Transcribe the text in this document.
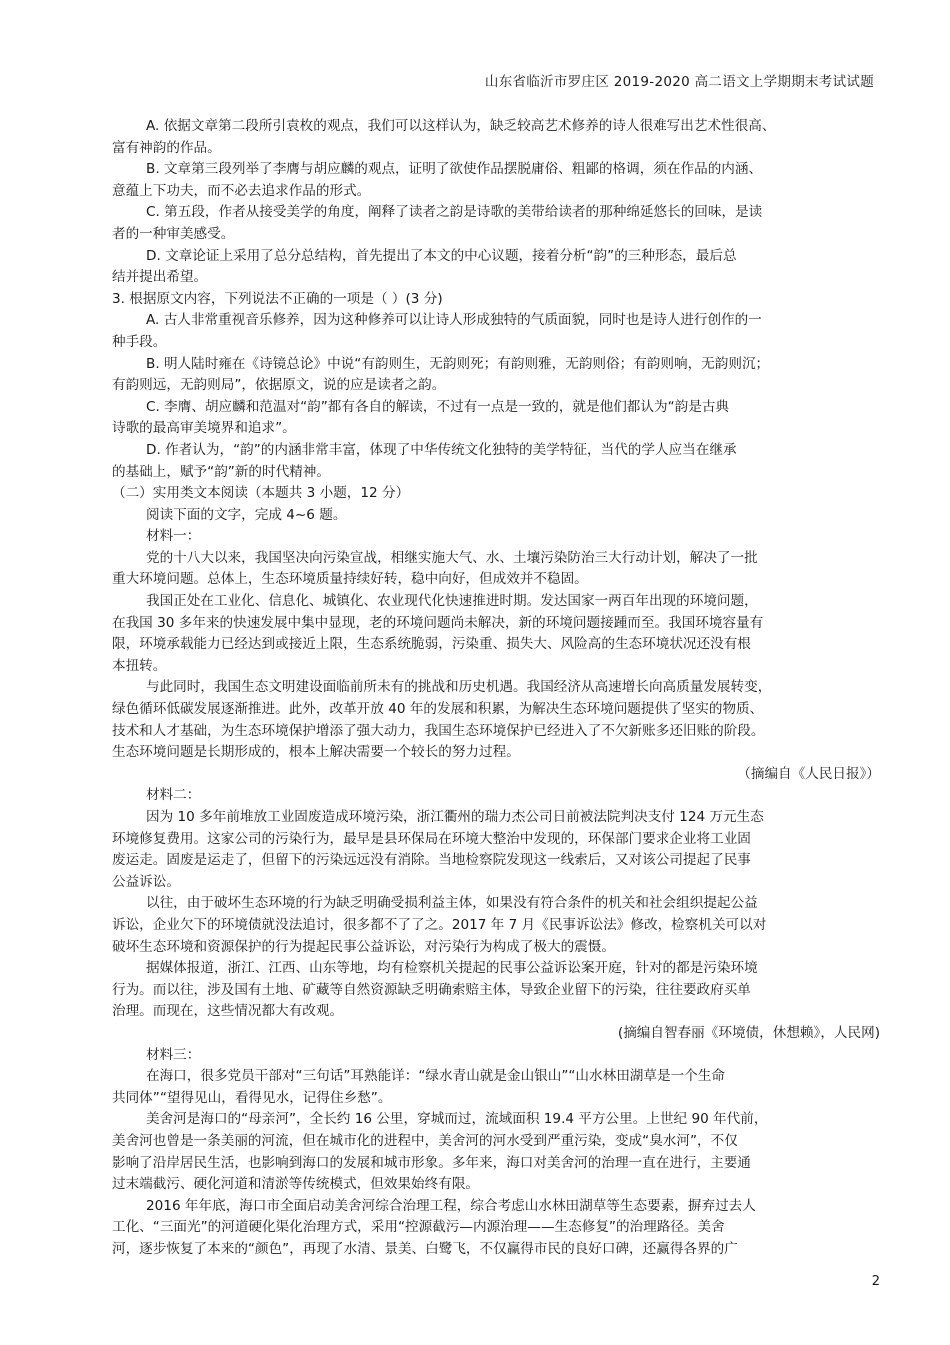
山东省临沂市罗庄区 2019-2020 高二语文上学期期末考试试题

A. 依据文章第二段所引袁枚的观点，我们可以这样认为，缺乏较高艺术修养的诗人很难写出艺术性很高、

富有神韵的作品。

B. 文章第三段列举了李膺与胡应麟的观点，证明了欲使作品摆脱庸俗、粗鄙的格调，须在作品的内涵、

意蕴上下功夫，而不必去追求作品的形式。

C. 第五段，作者从接受美学的角度，阐释了读者之韵是诗歌的美带给读者的那种绵延悠长的回味，是读

者的一种审美感受。

D. 文章论证上采用了总分总结构，首先提出了本文的中心议题，接着分析“韵”的三种形态，最后总

结并提出希望。

3. 根据原文内容，下列说法不正确的一项是（ ）(3 分)

A. 古人非常重视音乐修养，因为这种修养可以让诗人形成独特的气质面貌，同时也是诗人进行创作的一

种手段。

B. 明人陆时雍在《诗镜总论》中说“有韵则生，无韵则死；有韵则雅，无韵则俗；有韵则响，无韵则沉；

有韵则远，无韵则局”，依据原文，说的应是读者之韵。

C. 李膺、胡应麟和范温对“韵”都有各自的解读，不过有一点是一致的，就是他们都认为“韵是古典

诗歌的最高审美境界和追求”。

D. 作者认为，“韵”的内涵非常丰富，体现了中华传统文化独特的美学特征，当代的学人应当在继承

的基础上，赋予“韵”新的时代精神。

（二）实用类文本阅读（本题共 3 小题，12 分）

阅读下面的文字，完成 4~6 题。

材料一：

党的十八大以来，我国坚决向污染宣战，相继实施大气、水、土壤污染防治三大行动计划，解决了一批

重大环境问题。总体上，生态环境质量持续好转，稳中向好，但成效并不稳固。

我国正处在工业化、信息化、城镇化、农业现代化快速推进时期。发达国家一两百年出现的环境问题，

在我国 30 多年来的快速发展中集中显现，老的环境问题尚未解决，新的环境问题接踵而至。我国环境容量有

限，环境承载能力已经达到或接近上限，生态系统脆弱，污染重、损失大、风险高的生态环境状况还没有根

本扭转。

与此同时，我国生态文明建设面临前所未有的挑战和历史机遇。我国经济从高速增长向高质量发展转变，

绿色循环低碳发展逐渐推进。此外，改革开放 40 年的发展和积累，为解决生态环境问题提供了坚实的物质、

技术和人才基础，为生态环境保护增添了强大动力，我国生态环境保护已经进入了不欠新账多还旧账的阶段。

生态环境问题是长期形成的，根本上解决需要一个较长的努力过程。

（摘编自《人民日报》）

材料二：

因为 10 多年前堆放工业固废造成环境污染，浙江衢州的瑞力杰公司日前被法院判决支付 124 万元生态

环境修复费用。这家公司的污染行为，最早是县环保局在环境大整治中发现的，环保部门要求企业将工业固

废运走。固废是运走了，但留下的污染远远没有消除。当地检察院发现这一线索后，又对该公司提起了民事

公益诉讼。

以往，由于破坏生态环境的行为缺乏明确受损利益主体，如果没有符合条件的机关和社会组织提起公益

诉讼，企业欠下的环境债就没法追讨，很多都不了了之。2017 年 7 月《民事诉讼法》修改，检察机关可以对

破坏生态环境和资源保护的行为提起民事公益诉讼，对污染行为构成了极大的震慑。

据媒体报道，浙江、江西、山东等地，均有检察机关提起的民事公益诉讼案开庭，针对的都是污染环境

行为。而以往，涉及国有土地、矿藏等自然资源缺乏明确索赔主体，导致企业留下的污染，往往要政府买单

治理。而现在，这些情况都大有改观。

(摘编自智春丽《环境债，休想赖》，人民网)

材料三：

在海口，很多党员干部对“三句话”耳熟能详：“绿水青山就是金山银山”“山水林田湖草是一个生命

共同体”“望得见山，看得见水，记得住乡愁”。

美舍河是海口的“母亲河”，全长约 16 公里，穿城而过，流域面积 19.4 平方公里。上世纪 90 年代前，

美舍河也曾是一条美丽的河流，但在城市化的进程中，美舍河的河水受到严重污染，变成“臭水河”，不仅

影响了沿岸居民生活，也影响到海口的发展和城市形象。多年来，海口对美舍河的治理一直在进行，主要通

过末端截污、硬化河道和清淤等传统模式，但效果始终有限。

2016 年年底，海口市全面启动美舍河综合治理工程，综合考虑山水林田湖草等生态要素，摒弃过去人

工化、“三面光”的河道硬化渠化治理方式，采用“控源截污—内源治理——生态修复”的治理路径。美舍

河，逐步恢复了本来的“颜色”，再现了水清、景美、白鹭飞，不仅赢得市民的良好口碑，还赢得各界的广

2
